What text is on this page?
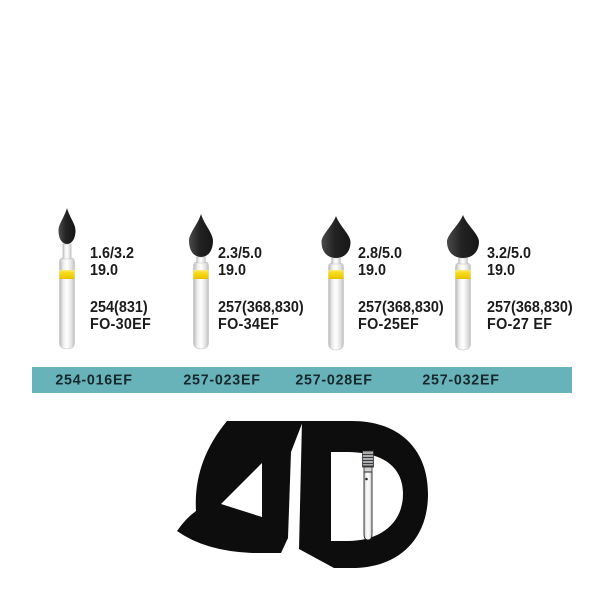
1.6/3.2
19.0
254(831)
FO-30EF
2.3/5.0
19.0
257(368,830)
FO-34EF
2.8/5.0
19.0
257(368,830)
FO-25EF
3.2/5.0
19.0
257(368,830)
FO-27 EF
254-016EF	257-023EF 257-028EF	257-032EF
